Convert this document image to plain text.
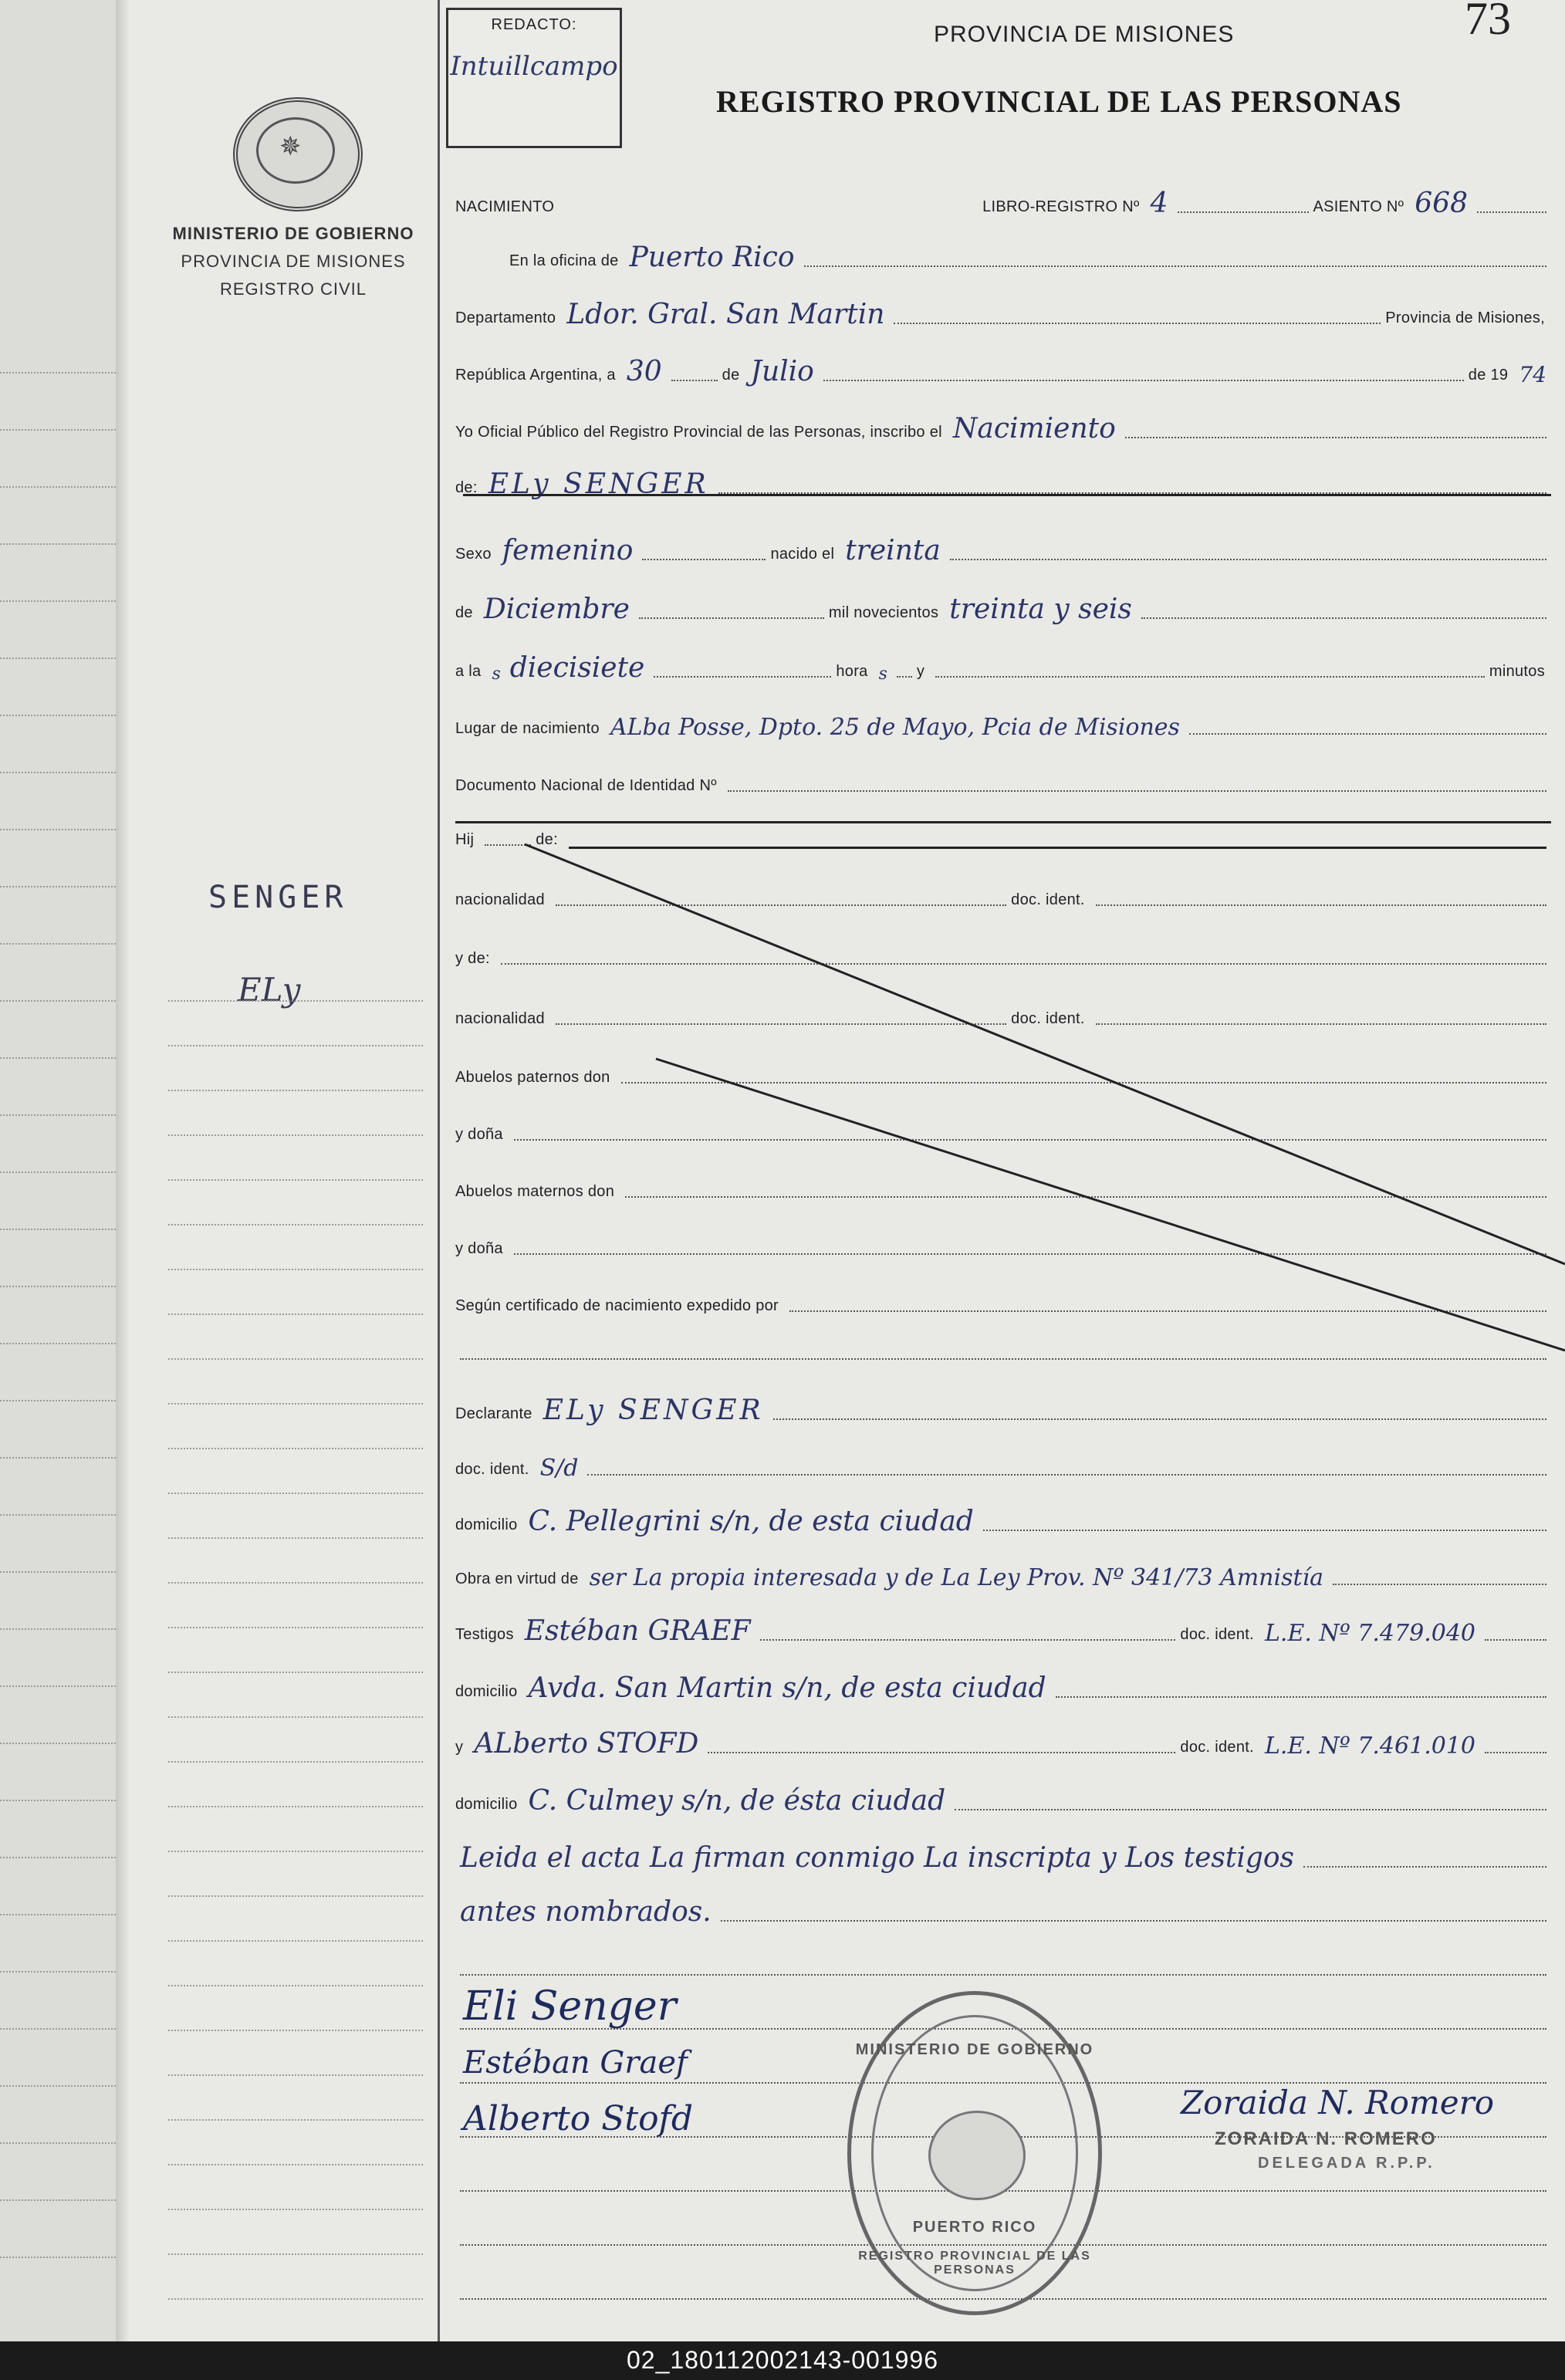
✵
MINISTERIO DE GOBIERNO
PROVINCIA DE MISIONES
REGISTRO CIVIL
SENGER
ELy
REDACTO:
Intuillcampo
PROVINCIA DE MISIONES
REGISTRO PROVINCIAL DE LAS PERSONAS
73
NACIMIENTO	LIBRO-REGISTRO Nº 4	ASIENTO Nº 668
En la oficina de Puerto Rico
Departamento Ldor. Gral. San Martin	Provincia de Misiones,
República Argentina, a 30	de Julio	de 19 74
Yo Oficial Público del Registro Provincial de las Personas, inscribo el Nacimiento
de: ELy SENGER
Sexo femenino	nacido el treinta
de Diciembre	mil novecientos treinta y seis
a la s diecisiete	hora s	y	minutos
Lugar de nacimiento ALba Posse, Dpto. 25 de Mayo, Pcia de Misiones
Documento Nacional de Identidad Nº
Hij	de:
nacionalidad	doc. ident.
y de:
nacionalidad	doc. ident.
Abuelos paternos don
y doña
Abuelos maternos don
y doña
Según certificado de nacimiento expedido por
Declarante ELy SENGER
doc. ident. S/d
domicilio C. Pellegrini s/n, de esta ciudad
Obra en virtud de ser La propia interesada y de La Ley Prov. Nº 341/73 Amnistía
Testigos Estéban GRAEF	doc. ident. L.E. Nº 7.479.040
domicilio Avda. San Martin s/n, de esta ciudad
y ALberto STOFD	doc. ident. L.E. Nº 7.461.010
domicilio C. Culmey s/n, de ésta ciudad
Leida el acta La firman conmigo La inscripta y Los testigos
antes nombrados.
Eli Senger
Estéban Graef
Alberto Stofd
MINISTERIO DE GOBIERNO
PUERTO RICO
REGISTRO PROVINCIAL DE LAS PERSONAS
Zoraida N. Romero
ZORAIDA N. ROMERO
DELEGADA R.P.P.
02_180112002143-001996
